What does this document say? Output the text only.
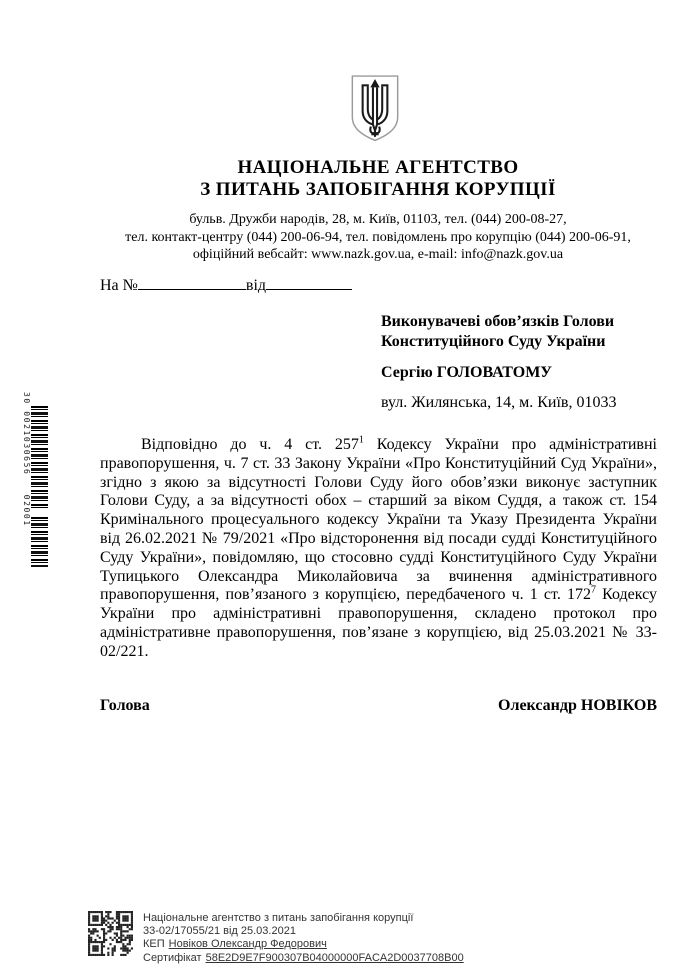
30 0021030656   02001
НАЦІОНАЛЬНЕ АГЕНТСТВО
З ПИТАНЬ ЗАПОБІГАННЯ КОРУПЦІЇ
бульв. Дружби народів, 28, м. Київ, 01103, тел. (044) 200-08-27,
тел. контакт-центру (044) 200-06-94, тел. повідомлень про корупцію (044) 200-06-91,
офіційний вебсайт: www.nazk.gov.ua, e-mail: info@nazk.gov.ua
На №	від
Виконувачеві обов’язків Голови
Конституційного Суду України
Сергію ГОЛОВАТОМУ
вул. Жилянська, 14, м. Київ, 01033
Відповідно до ч. 4 ст. $257^1$ Кодексу України про адміністративні правопорушення, ч. 7 ст. 33 Закону України «Про Конституційний Суд України», згідно з якою за відсутності Голови Суду його обов’язки виконує заступник Голови Суду, а за відсутності обох – старший за віком Суддя, а також ст. 154 Кримінального процесуального кодексу України та Указу Президента України від 26.02.2021 № 79/2021 «Про відсторонення від посади судді Конституційного Суду України», повідомляю, що стосовно судді Конституційного Суду України Тупицького Олександра Миколайовича за вчинення адміністративного правопорушення, пов’язаного з корупцією, передбаченого ч. 1 ст. $172^7$ Кодексу України про адміністративні правопорушення, складено протокол про адміністративне правопорушення, пов’язане з корупцією, від 25.03.2021 № 33-02/221.
Голова	Олександр НОВІКОВ
Національне агентство з питань запобігання корупції
33-02/17055/21 від 25.03.2021
КЕП Новіков Олександр Федорович
Сертифікат 58E2D9E7F900307B04000000FACA2D0037708B00
